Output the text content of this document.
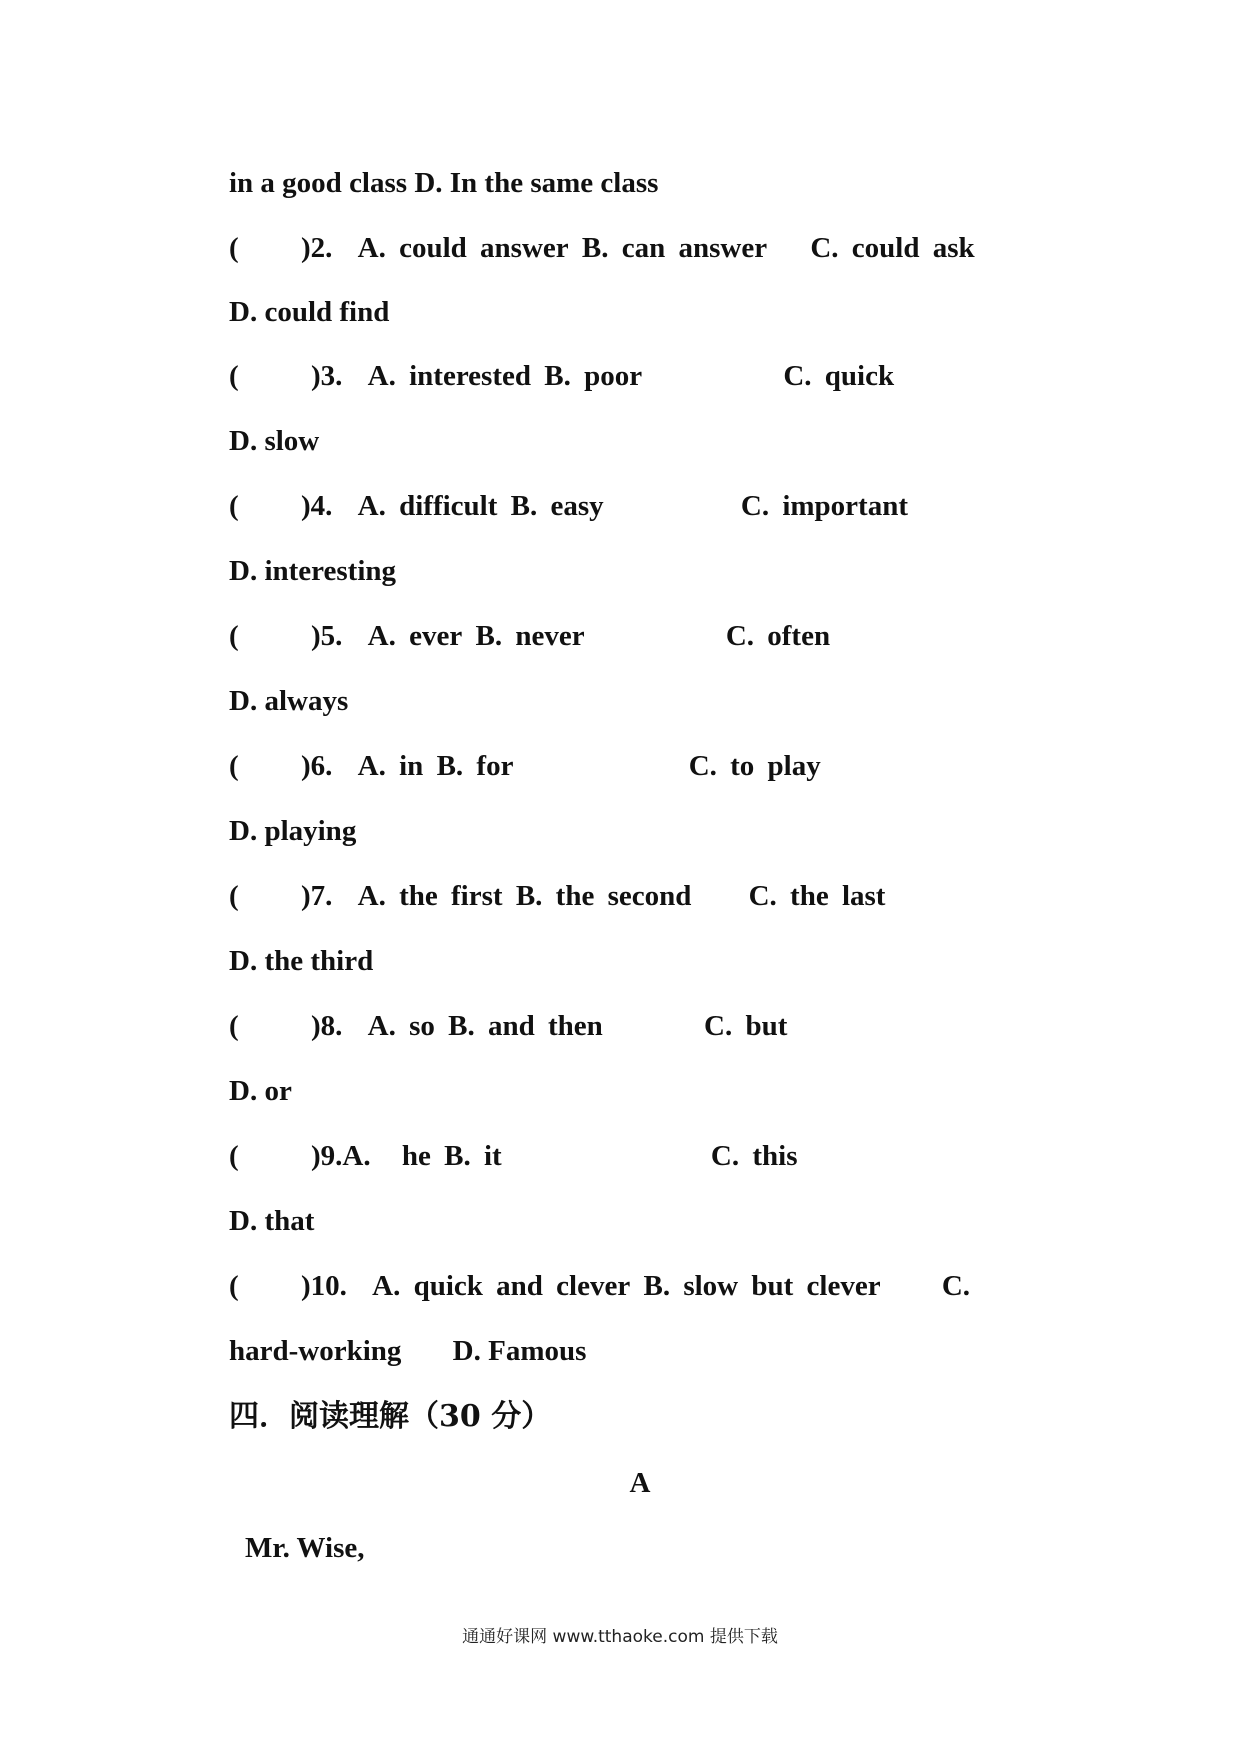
in a good class D. In the same class
(	)2. A. could answer B. can answer C. could ask
D. could find
(	)3. A. interested B. poor	C. quick
D. slow
(	)4. A. difficult B. easy	C. important
D. interesting
(	)5. A. ever B. never	C. often
D. always
(	)6. A. in B. for	C. to play
D. playing
(	)7. A. the first B. the second C. the last
D. the third
(	)8. A. so B. and then	C. but
D. or
(	)9.A. he B. it	C. this
D. that
(	)10. A. quick and clever B. slow but clever C.
hard-working D. Famous
四．阅读理解（30 分）
A
Mr. Wise,
通通好课网 www.tthaoke.com 提供下载
